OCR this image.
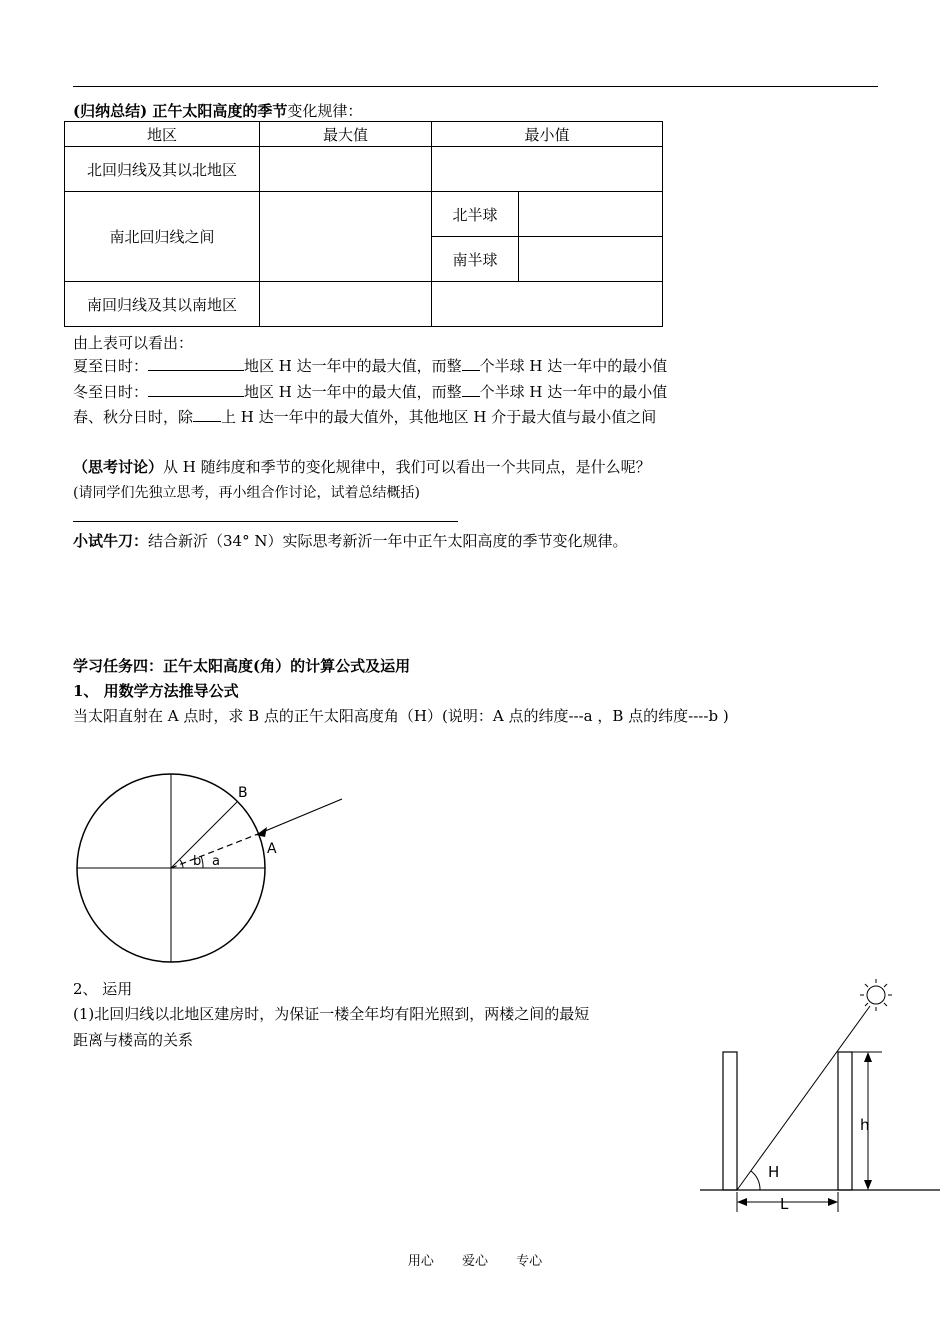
(归纳总结) 正午太阳高度的季节变化规律：
地区	最大值	最小值	
北回归线及其以北地区			
南北回归线之间		北半球	
		南半球	
南回归线及其以南地区			
由上表可以看出：
夏至日时：	地区 H 达一年中的最大值，而整 个半球 H 达一年中的最小值
冬至日时：	地区 H 达一年中的最大值，而整 个半球 H 达一年中的最小值
春、秋分日时，除 上 H 达一年中的最大值外，其他地区 H 介于最大值与最小值之间
（思考讨论）从 H 随纬度和季节的变化规律中，我们可以看出一个共同点，是什么呢？
(请同学们先独立思考，再小组合作讨论，试着总结概括)
小试牛刀：结合新沂（34° N）实际思考新沂一年中正午太阳高度的季节变化规律。
学习任务四：正午太阳高度(角）的计算公式及运用
1、 用数学方法推导公式
当太阳直射在 A 点时，求 B 点的正午太阳高度角（H）(说明：A 点的纬度---a ，B 点的纬度----b )
B
A
b a
2、 运用
(1)北回归线以北地区建房时，为保证一楼全年均有阳光照到，两楼之间的最短
距离与楼高的关系
H
h
L
用心 爱心 专心
